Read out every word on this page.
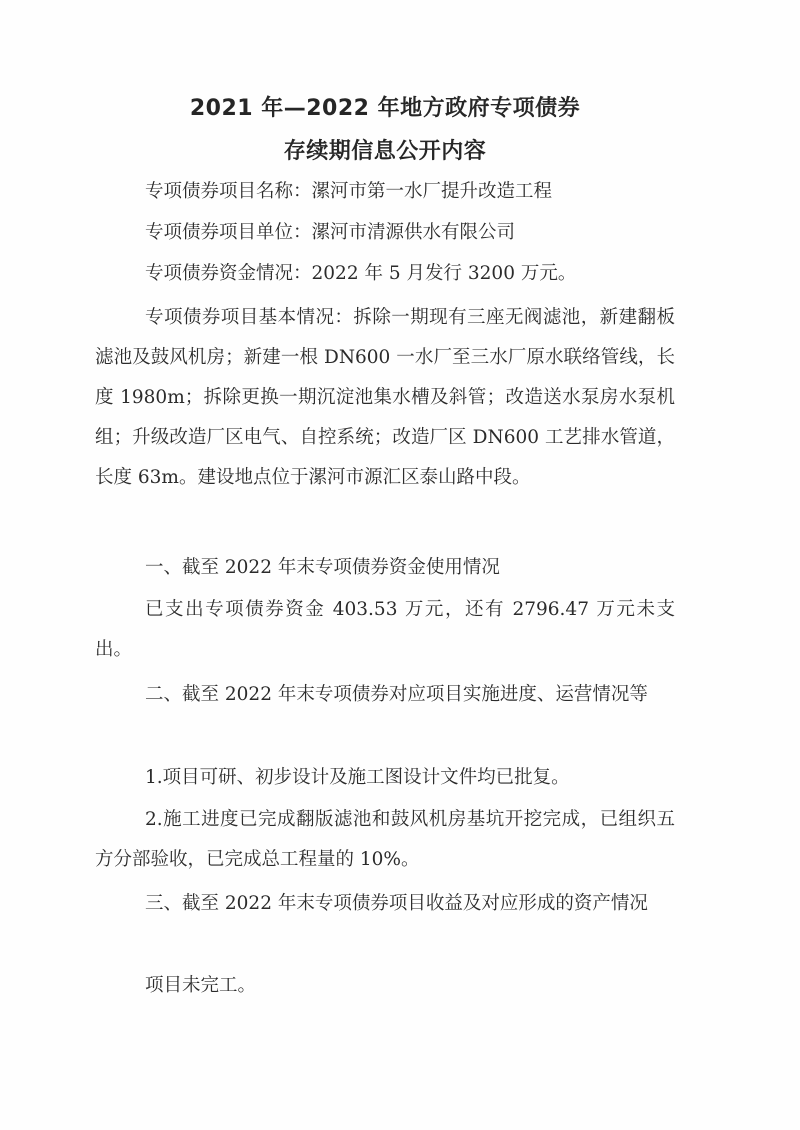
2021 年—2022 年地方政府专项债券
存续期信息公开内容
专项债券项目名称：漯河市第一水厂提升改造工程
专项债券项目单位：漯河市清源供水有限公司
专项债券资金情况：2022 年 5 月发行 3200 万元。
专项债券项目基本情况：拆除一期现有三座无阀滤池，新建翻板滤池及鼓风机房；新建一根 DN600 一水厂至三水厂原水联络管线，长度 1980m；拆除更换一期沉淀池集水槽及斜管；改造送水泵房水泵机组；升级改造厂区电气、自控系统；改造厂区 DN600 工艺排水管道，长度 63m。建设地点位于漯河市源汇区泰山路中段。
一、截至 2022 年末专项债券资金使用情况
已支出专项债券资金 403.53 万元，还有 2796.47 万元未支出。
二、截至 2022 年末专项债券对应项目实施进度、运营情况等
1.项目可研、初步设计及施工图设计文件均已批复。
2.施工进度已完成翻版滤池和鼓风机房基坑开挖完成，已组织五方分部验收，已完成总工程量的 10%。
三、截至 2022 年末专项债券项目收益及对应形成的资产情况
项目未完工。
